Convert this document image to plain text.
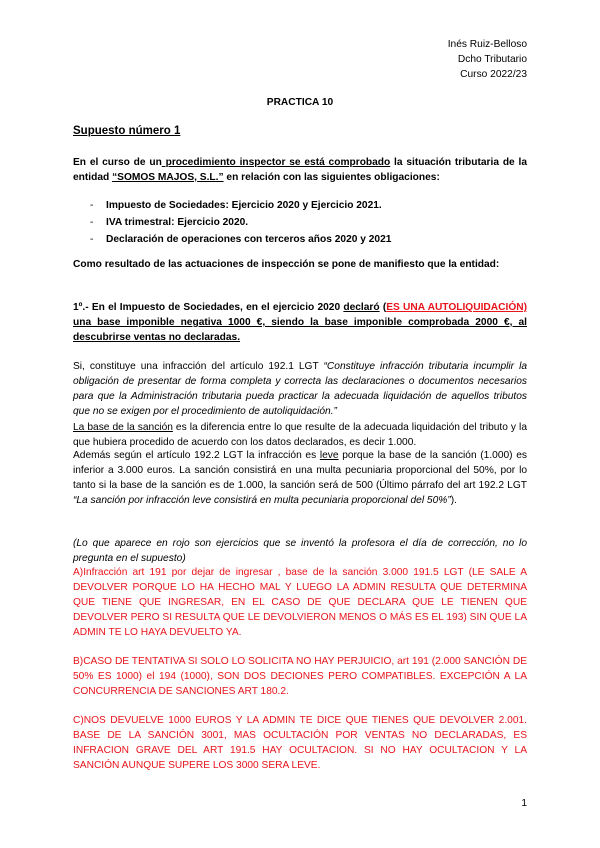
Inés Ruiz-Belloso
Dcho Tributario
Curso 2022/23
PRACTICA 10
Supuesto número 1
En el curso de un procedimiento inspector se está comprobado la situación tributaria de la entidad “SOMOS MAJOS, S.L.” en relación con las siguientes obligaciones:
- Impuesto de Sociedades: Ejercicio 2020 y Ejercicio 2021.
- IVA trimestral: Ejercicio 2020.
- Declaración de operaciones con terceros años 2020 y 2021
Como resultado de las actuaciones de inspección se pone de manifiesto que la entidad:
1º.- En el Impuesto de Sociedades, en el ejercicio 2020 declaró (ES UNA AUTOLIQUIDACIÓN) una base imponible negativa 1000 €, siendo la base imponible comprobada 2000 €, al descubrirse ventas no declaradas.
Si, constituye una infracción del artículo 192.1 LGT “Constituye infracción tributaria incumplir la obligación de presentar de forma completa y correcta las declaraciones o documentos necesarios para que la Administración tributaria pueda practicar la adecuada liquidación de aquellos tributos que no se exigen por el procedimiento de autoliquidación.”
La base de la sanción es la diferencia entre lo que resulte de la adecuada liquidación del tributo y la que hubiera procedido de acuerdo con los datos declarados, es decir 1.000.
Además según el artículo 192.2 LGT la infracción es leve porque la base de la sanción (1.000) es inferior a 3.000 euros. La sanción consistirá en una multa pecuniaria proporcional del 50%, por lo tanto si la base de la sanción es de 1.000, la sanción será de 500 (Último párrafo del art 192.2 LGT “La sanción por infracción leve consistirá en multa pecuniaria proporcional del 50%”).
(Lo que aparece en rojo son ejercicios que se inventó la profesora el día de corrección, no lo pregunta en el supuesto)
A)Infracción art 191 por dejar de ingresar , base de la sanción 3.000 191.5 LGT (LE SALE A DEVOLVER PORQUE LO HA HECHO MAL Y LUEGO LA ADMIN RESULTA QUE DETERMINA QUE TIENE QUE INGRESAR, EN EL CASO DE QUE DECLARA QUE LE TIENEN QUE DEVOLVER PERO SI RESULTA QUE LE DEVOLVIERON MENOS O MÁS ES EL 193) SIN QUE LA ADMIN TE LO HAYA DEVUELTO YA.
B)CASO DE TENTATIVA SI SOLO LO SOLICITA NO HAY PERJUICIO, art 191 (2.000 SANCIÓN DE 50% ES 1000) el 194 (1000), SON DOS DECIONES PERO COMPATIBLES. EXCEPCIÓN A LA CONCURRENCIA DE SANCIONES ART 180.2.
C)NOS DEVUELVE 1000 EUROS Y LA ADMIN TE DICE QUE TIENES QUE DEVOLVER 2.001. BASE DE LA SANCIÓN 3001, MAS OCULTACIÓN POR VENTAS NO DECLARADAS, ES INFRACION GRAVE DEL ART 191.5 HAY OCULTACION. SI NO HAY OCULTACION Y LA SANCIÓN AUNQUE SUPERE LOS 3000 SERA LEVE.
1
